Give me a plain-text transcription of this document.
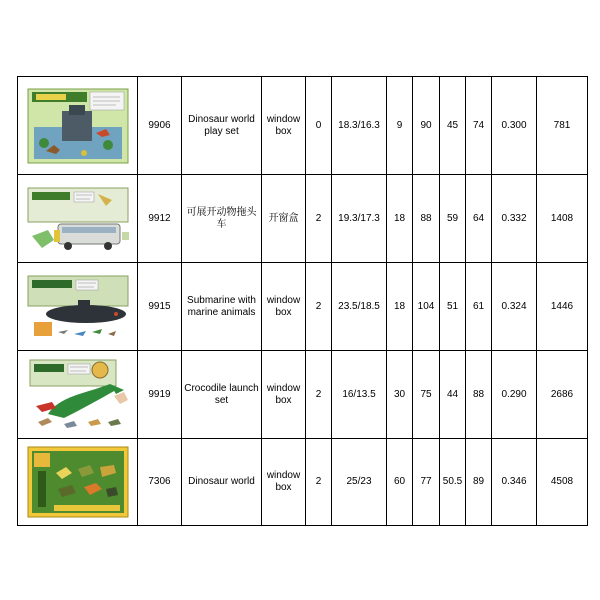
	9906	Dinosaur world play set	window box	0	18.3/16.3	9	90	45	74	0.300	781

	9912	可展开动物拖头车	开窗盒	2	19.3/17.3	18	88	59	64	0.332	1408

	9915	Submarine with marine animals	window box	2	23.5/18.5	18	104	51	61	0.324	1446

	9919	Crocodile launch set	window box	2	16/13.5	30	75	44	88	0.290	2686

	7306	Dinosaur world	window box	2	25/23	60	77	50.5	89	0.346	4508
